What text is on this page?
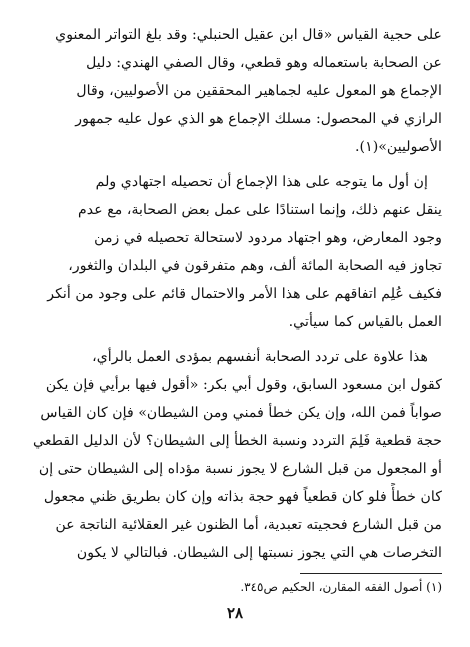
على حجية القياس «قال ابن عقيل الحنبلي: وقد بلغ التواتر المعنوي
عن الصحابة باستعماله وهو قطعي، وقال الصفي الهندي: دليل
الإجماع هو المعول عليه لجماهير المحققين من الأصوليين، وقال
الرازي في المحصول: مسلك الإجماع هو الذي عول عليه جمهور
الأصوليين»(١).
إن أول ما يتوجه على هذا الإجماع أن تحصيله اجتهادي ولم
ينقل عنهم ذلك، وإنما استنادًا على عمل بعض الصحابة، مع عدم
وجود المعارض، وهو اجتهاد مردود لاستحالة تحصيله في زمن
تجاوز فيه الصحابة المائة ألف، وهم متفرقون في البلدان والثغور،
فكيف عُلِم اتفاقهم على هذا الأمر والاحتمال قائم على وجود من أنكر
العمل بالقياس كما سيأتي.
هذا علاوة على تردد الصحابة أنفسهم بمؤدى العمل بالرأي،
كقول ابن مسعود السابق، وقول أبي بكر: «أقول فيها برأيي فإن يكن
صواباً فمن الله، وإن يكن خطأ فمني ومن الشيطان» فإن كان القياس
حجة قطعية فَلِمَ التردد ونسبة الخطأ إلى الشيطان؟ لأن الدليل القطعي
أو المجعول من قبل الشارع لا يجوز نسبة مؤداه إلى الشيطان حتى إن
كان خطأً فلو كان قطعياً فهو حجة بذاته وإن كان بطريق ظني مجعول
من قبل الشارع فحجيته تعبدية، أما الظنون غير العقلائية الناتجة عن
التخرصات هي التي يجوز نسبتها إلى الشيطان. فبالتالي لا يكون
(١) أصول الفقه المقارن، الحكيم ص٣٤٥.
٢٨
